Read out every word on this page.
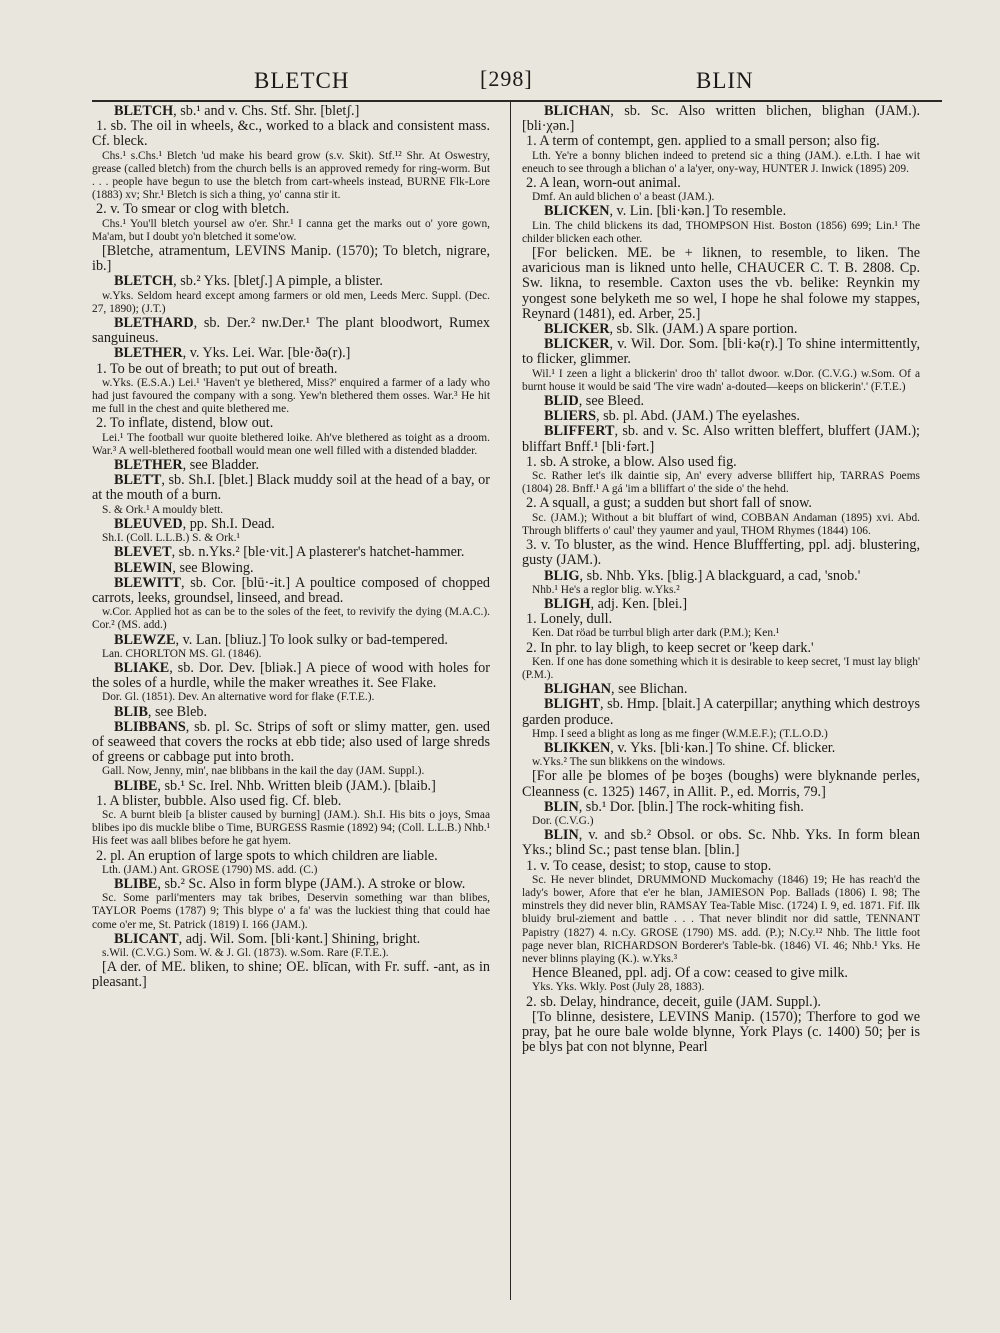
BLETCH	[298]	BLIN

BLETCH, sb.¹ and v. Chs. Stf. Shr. [bletʃ.]

1. sb. The oil in wheels, &c., worked to a black and consistent mass. Cf. bleck.

Chs.¹ s.Chs.¹ Bletch 'ud make his beard grow (s.v. Skit). Stf.¹² Shr. At Oswestry, grease (called bletch) from the church bells is an approved remedy for ring-worm. But . . . people have begun to use the bletch from cart-wheels instead, BURNE Flk-Lore (1883) xv; Shr.¹ Bletch is sich a thing, yo' canna stir it.

2. v. To smear or clog with bletch.

Chs.¹ You'll bletch yoursel aw o'er. Shr.¹ I canna get the marks out o' yore gown, Ma'am, but I doubt yo'n bletched it some'ow.

[Bletche, atramentum, LEVINS Manip. (1570); To bletch, nigrare, ib.]

BLETCH, sb.² Yks. [bletʃ.] A pimple, a blister.

w.Yks. Seldom heard except among farmers or old men, Leeds Merc. Suppl. (Dec. 27, 1890); (J.T.)

BLETHARD, sb. Der.² nw.Der.¹ The plant bloodwort, Rumex sanguineus.

BLETHER, v. Yks. Lei. War. [ble·ðə(r).]

1. To be out of breath; to put out of breath.

w.Yks. (E.S.A.) Lei.¹ 'Haven't ye blethered, Miss?' enquired a farmer of a lady who had just favoured the company with a song. Yew'n blethered them osses. War.³ He hit me full in the chest and quite blethered me.

2. To inflate, distend, blow out.

Lei.¹ The football wur quoite blethered loike. Ah've blethered as toight as a droom. War.³ A well-blethered football would mean one well filled with a distended bladder.

BLETHER, see Bladder.

BLETT, sb. Sh.I. [blet.] Black muddy soil at the head of a bay, or at the mouth of a burn.

S. & Ork.¹ A mouldy blett.

BLEUVED, pp. Sh.I. Dead.

Sh.I. (Coll. L.L.B.) S. & Ork.¹

BLEVET, sb. n.Yks.² [ble·vit.] A plasterer's hatchet-hammer.

BLEWIN, see Blowing.

BLEWITT, sb. Cor. [blū·-it.] A poultice composed of chopped carrots, leeks, groundsel, linseed, and bread.

w.Cor. Applied hot as can be to the soles of the feet, to revivify the dying (M.A.C.). Cor.² (MS. add.)

BLEWZE, v. Lan. [bliuz.] To look sulky or bad-tempered.

Lan. CHORLTON MS. Gl. (1846).

BLIAKE, sb. Dor. Dev. [bliək.] A piece of wood with holes for the soles of a hurdle, while the maker wreathes it. See Flake.

Dor. Gl. (1851). Dev. An alternative word for flake (F.T.E.).

BLIB, see Bleb.

BLIBBANS, sb. pl. Sc. Strips of soft or slimy matter, gen. used of seaweed that covers the rocks at ebb tide; also used of large shreds of greens or cabbage put into broth.

Gall. Now, Jenny, min', nae blibbans in the kail the day (JAM. Suppl.).

BLIBE, sb.¹ Sc. Irel. Nhb. Written bleib (JAM.). [blaib.]

1. A blister, bubble. Also used fig. Cf. bleb.

Sc. A burnt bleib [a blister caused by burning] (JAM.). Sh.I. His bits o joys, Smaa blibes ipo dis muckle blibe o Time, BURGESS Rasmie (1892) 94; (Coll. L.L.B.) Nhb.¹ His feet was aall blibes before he gat hyem.

2. pl. An eruption of large spots to which children are liable.

Lth. (JAM.) Ant. GROSE (1790) MS. add. (C.)

BLIBE, sb.² Sc. Also in form blype (JAM.). A stroke or blow.

Sc. Some parli'menters may tak bribes, Deservin something war than blibes, TAYLOR Poems (1787) 9; This blype o' a fa' was the luckiest thing that could hae come o'er me, St. Patrick (1819) I. 166 (JAM.).

BLICANT, adj. Wil. Som. [bli·kənt.] Shining, bright.

s.Wil. (C.V.G.) Som. W. & J. Gl. (1873). w.Som. Rare (F.T.E.).

[A der. of ME. bliken, to shine; OE. blīcan, with Fr. suff. -ant, as in pleasant.]

BLICHAN, sb. Sc. Also written blichen, blighan (JAM.). [bli·χən.]

1. A term of contempt, gen. applied to a small person; also fig.

Lth. Ye're a bonny blichen indeed to pretend sic a thing (JAM.). e.Lth. I hae wit eneuch to see through a blichan o' a la'yer, ony-way, HUNTER J. Inwick (1895) 209.

2. A lean, worn-out animal.

Dmf. An auld blichen o' a beast (JAM.).

BLICKEN, v. Lin. [bli·kən.] To resemble.

Lin. The child blickens its dad, THOMPSON Hist. Boston (1856) 699; Lin.¹ The childer blicken each other.

[For belicken. ME. be + liknen, to resemble, to liken. The avaricious man is likned unto helle, CHAUCER C. T. B. 2808. Cp. Sw. likna, to resemble. Caxton uses the vb. belike: Reynkin my yongest sone belyketh me so wel, I hope he shal folowe my stappes, Reynard (1481), ed. Arber, 25.]

BLICKER, sb. Slk. (JAM.) A spare portion.

BLICKER, v. Wil. Dor. Som. [bli·kə(r).] To shine intermittently, to flicker, glimmer.

Wil.¹ I zeen a light a blickerin' droo th' tallot dwoor. w.Dor. (C.V.G.) w.Som. Of a burnt house it would be said 'The vire wadn' a-douted—keeps on blickerin'.' (F.T.E.)

BLID, see Bleed.

BLIERS, sb. pl. Abd. (JAM.) The eyelashes.

BLIFFERT, sb. and v. Sc. Also written bleffert, bluffert (JAM.); bliffart Bnff.¹ [bli·fərt.]

1. sb. A stroke, a blow. Also used fig.

Sc. Rather let's ilk daintie sip, An' every adverse blliffert hip, TARRAS Poems (1804) 28. Bnff.¹ A gá 'im a blliffart o' the side o' the hehd.

2. A squall, a gust; a sudden but short fall of snow.

Sc. (JAM.); Without a bit bluffart of wind, COBBAN Andaman (1895) xvi. Abd. Through blifferts o' caul' they yaumer and yaul, THOM Rhymes (1844) 106.

3. v. To bluster, as the wind. Hence Bluffferting, ppl. adj. blustering, gusty (JAM.).

BLIG, sb. Nhb. Yks. [blig.] A blackguard, a cad, 'snob.'

Nhb.¹ He's a reglor blig. w.Yks.²

BLIGH, adj. Ken. [blei.]

1. Lonely, dull.

Ken. Dat röad be turrbul bligh arter dark (P.M.); Ken.¹

2. In phr. to lay bligh, to keep secret or 'keep dark.'

Ken. If one has done something which it is desirable to keep secret, 'I must lay bligh' (P.M.).

BLIGHAN, see Blichan.

BLIGHT, sb. Hmp. [blait.] A caterpillar; anything which destroys garden produce.

Hmp. I seed a blight as long as me finger (W.M.E.F.); (T.L.O.D.)

BLIKKEN, v. Yks. [bli·kən.] To shine. Cf. blicker.

w.Yks.² The sun blikkens on the windows.

[For alle þe blomes of þe boȝes (boughs) were blyknande perles, Cleanness (c. 1325) 1467, in Allit. P., ed. Morris, 79.]

BLIN, sb.¹ Dor. [blin.] The rock-whiting fish.

Dor. (C.V.G.)

BLIN, v. and sb.² Obsol. or obs. Sc. Nhb. Yks. In form blean Yks.; blind Sc.; past tense blan. [blin.]

1. v. To cease, desist; to stop, cause to stop.

Sc. He never blindet, DRUMMOND Muckomachy (1846) 19; He has reach'd the lady's bower, Afore that e'er he blan, JAMIESON Pop. Ballads (1806) I. 98; The minstrels they did never blin, RAMSAY Tea-Table Misc. (1724) I. 9, ed. 1871. Fif. Ilk bluidy brul-ziement and battle . . . That never blindit nor did sattle, TENNANT Papistry (1827) 4. n.Cy. GROSE (1790) MS. add. (P.); N.Cy.¹² Nhb. The little foot page never blan, RICHARDSON Borderer's Table-bk. (1846) VI. 46; Nhb.¹ Yks. He never blinns playing (K.). w.Yks.³

Hence Bleaned, ppl. adj. Of a cow: ceased to give milk.

Yks. Yks. Wkly. Post (July 28, 1883).

2. sb. Delay, hindrance, deceit, guile (JAM. Suppl.).

[To blinne, desistere, LEVINS Manip. (1570); Therfore to god we pray, þat he oure bale wolde blynne, York Plays (c. 1400) 50; þer is þe blys þat con not blynne, Pearl
